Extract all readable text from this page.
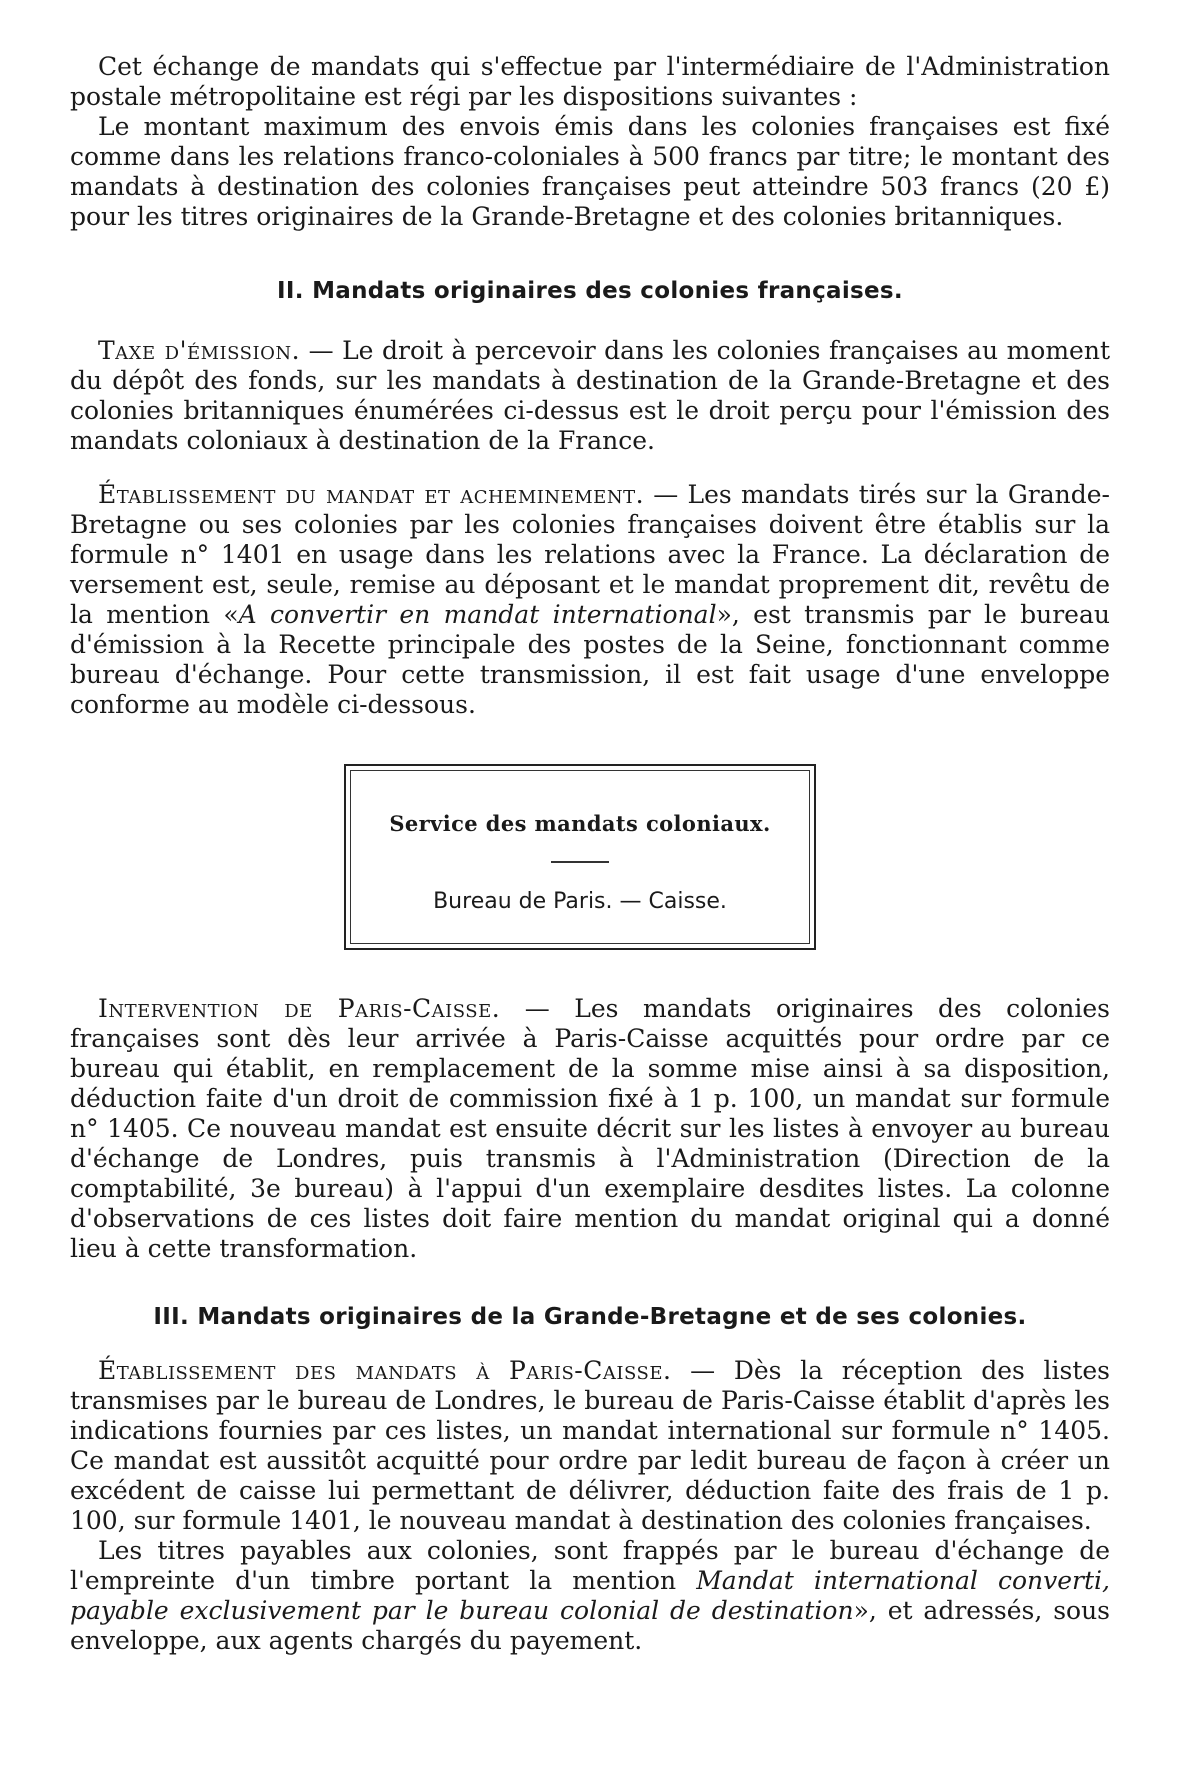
Cet échange de mandats qui s'effectue par l'intermédiaire de l'Administration postale métropolitaine est régi par les dispositions suivantes :

Le montant maximum des envois émis dans les colonies françaises est fixé comme dans les relations franco-coloniales à 500 francs par titre; le montant des mandats à destination des colonies françaises peut atteindre 503 francs (20 £) pour les titres originaires de la Grande-Bretagne et des colonies britanniques.

II. Mandats originaires des colonies françaises.

Taxe d'émission. — Le droit à percevoir dans les colonies françaises au moment du dépôt des fonds, sur les mandats à destination de la Grande-Bretagne et des colonies britanniques énumérées ci-dessus est le droit perçu pour l'émission des mandats coloniaux à destination de la France.

Établissement du mandat et acheminement. — Les mandats tirés sur la Grande-Bretagne ou ses colonies par les colonies françaises doivent être établis sur la formule n° 1401 en usage dans les relations avec la France. La déclaration de versement est, seule, remise au déposant et le mandat proprement dit, revêtu de la mention «A convertir en mandat international», est transmis par le bureau d'émission à la Recette principale des postes de la Seine, fonctionnant comme bureau d'échange. Pour cette transmission, il est fait usage d'une enveloppe conforme au modèle ci-dessous.

Service des mandats coloniaux.
Bureau de Paris. — Caisse.

Intervention de Paris-Caisse. — Les mandats originaires des colonies françaises sont dès leur arrivée à Paris-Caisse acquittés pour ordre par ce bureau qui établit, en remplacement de la somme mise ainsi à sa disposition, déduction faite d'un droit de commission fixé à 1 p. 100, un mandat sur formule n° 1405. Ce nouveau mandat est ensuite décrit sur les listes à envoyer au bureau d'échange de Londres, puis transmis à l'Administration (Direction de la comptabilité, 3e bureau) à l'appui d'un exemplaire desdites listes. La colonne d'observations de ces listes doit faire mention du mandat original qui a donné lieu à cette transformation.

III. Mandats originaires de la Grande-Bretagne et de ses colonies.

Établissement des mandats à Paris-Caisse. — Dès la réception des listes transmises par le bureau de Londres, le bureau de Paris-Caisse établit d'après les indications fournies par ces listes, un mandat international sur formule n° 1405. Ce mandat est aussitôt acquitté pour ordre par ledit bureau de façon à créer un excédent de caisse lui permettant de délivrer, déduction faite des frais de 1 p. 100, sur formule 1401, le nouveau mandat à destination des colonies françaises.

Les titres payables aux colonies, sont frappés par le bureau d'échange de l'empreinte d'un timbre portant la mention Mandat international converti, payable exclusivement par le bureau colonial de destination», et adressés, sous enveloppe, aux agents chargés du payement.
